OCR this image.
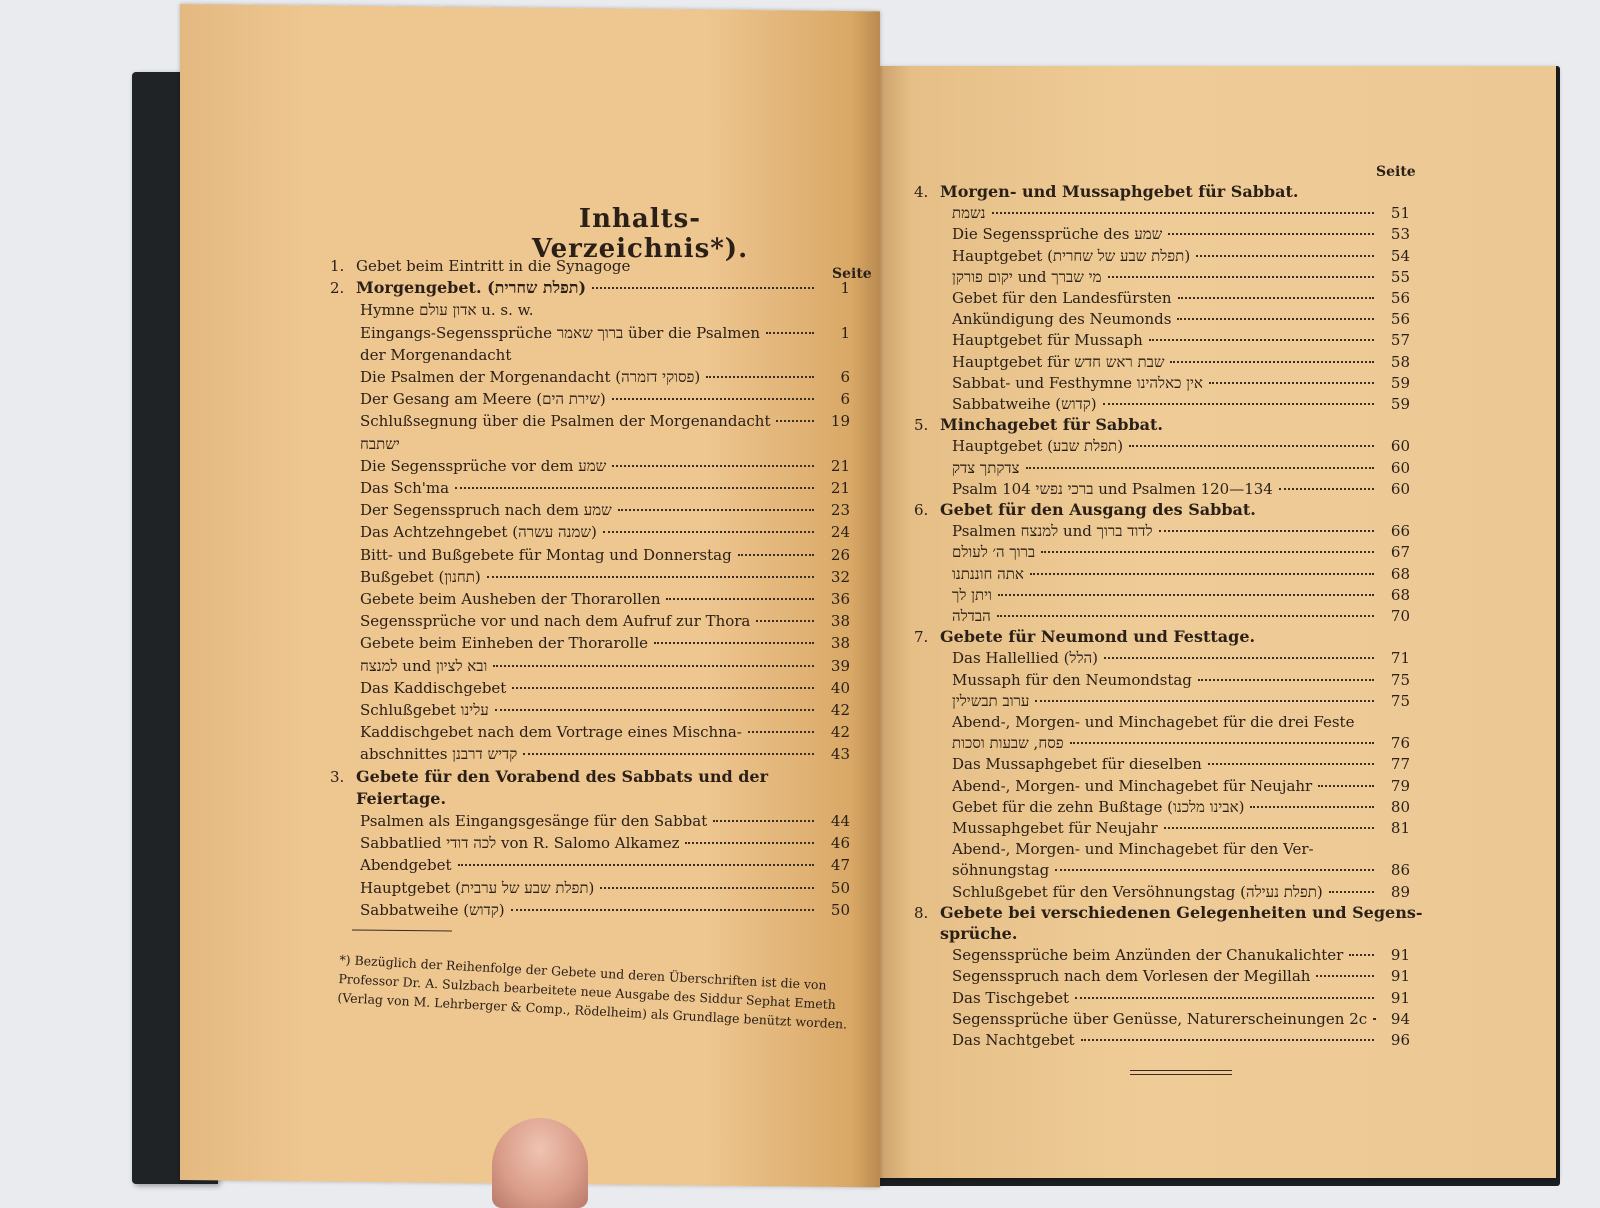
Inhalts-Verzeichnis*).
Seite
Seite
*) Bezüglich der Reihenfolge der Gebete und deren Überschriften ist die von Professor Dr. A. Sulzbach bearbeitete neue Ausgabe des Siddur Sephat Emeth (Verlag von M. Lehrberger & Comp., Rödelheim) als Grundlage benützt worden.
1. Gebet beim Eintritt in die Synagoge
2. Morgengebet. (תפלת שחרית)	1
Hymne אדון עולם u. s. w.
Eingangs-Segenssprüche ברוך שאמר über die Psalmen	1
der Morgenandacht
Die Psalmen der Morgenandacht (פסוקי דזמרה)	6
Der Gesang am Meere (שירת הים)	6
Schlußsegnung über die Psalmen der Morgenandacht	19
ישתבח
Die Segenssprüche vor dem שמע	21
Das Sch'ma	21
Der Segensspruch nach dem שמע	23
Das Achtzehngebet (שמנה עשרה)	24
Bitt- und Bußgebete für Montag und Donnerstag	26
Bußgebet (תחנון)	32
Gebete beim Ausheben der Thorarollen	36
Segenssprüche vor und nach dem Aufruf zur Thora	38
Gebete beim Einheben der Thorarolle	38
למנצח und ובא לציון	39
Das Kaddischgebet	40
Schlußgebet עלינו	42
Kaddischgebet nach dem Vortrage eines Mischna-	42
abschnittes קדיש דרבנן	43
3. Gebete für den Vorabend des Sabbats und der
Feiertage.
Psalmen als Eingangsgesänge für den Sabbat	44
Sabbatlied לכה דודי von R. Salomo Alkamez	46
Abendgebet	47
Hauptgebet (תפלת שבע של ערבית)	50
Sabbatweihe (קדוש)	50
4. Morgen- und Mussaphgebet für Sabbat.
נשמת	51
Die Segenssprüche des שמע	53
Hauptgebet (תפלת שבע של שחרית)	54
יקום פורקן und מי שברך	55
Gebet für den Landesfürsten	56
Ankündigung des Neumonds	56
Hauptgebet für Mussaph	57
Hauptgebet für שבת ראש חדש	58
Sabbat- und Festhymne אין כאלהינו	59
Sabbatweihe (קדוש)	59
5. Minchagebet für Sabbat.
Hauptgebet (תפלת שבע)	60
צדקתך צדק	60
Psalm 104 ברכי נפשי und Psalmen 120—134	60
6. Gebet für den Ausgang des Sabbat.
Psalmen למנצח und לדוד ברוך	66
ברוך ה׳ לעולם	67
אתה חוננתנו	68
ויתן לך	68
הבדלה	70
7. Gebete für Neumond und Festtage.
Das Hallellied (הלל)	71
Mussaph für den Neumondstag	75
ערוב תבשילין	75
Abend-, Morgen- und Minchagebet für die drei Feste
פסח, שבעות וסכות	76
Das Mussaphgebet für dieselben	77
Abend-, Morgen- und Minchagebet für Neujahr	79
Gebet für die zehn Bußtage (אבינו מלכנו)	80
Mussaphgebet für Neujahr	81
Abend-, Morgen- und Minchagebet für den Ver-
söhnungstag	86
Schlußgebet für den Versöhnungstag (תפלת נעילה)	89
8. Gebete bei verschiedenen Gelegenheiten und Segens-
sprüche.
Segenssprüche beim Anzünden der Chanukalichter	91
Segensspruch nach dem Vorlesen der Megillah	91
Das Tischgebet	91
Segenssprüche über Genüsse, Naturerscheinungen 2c	94
Das Nachtgebet	96
